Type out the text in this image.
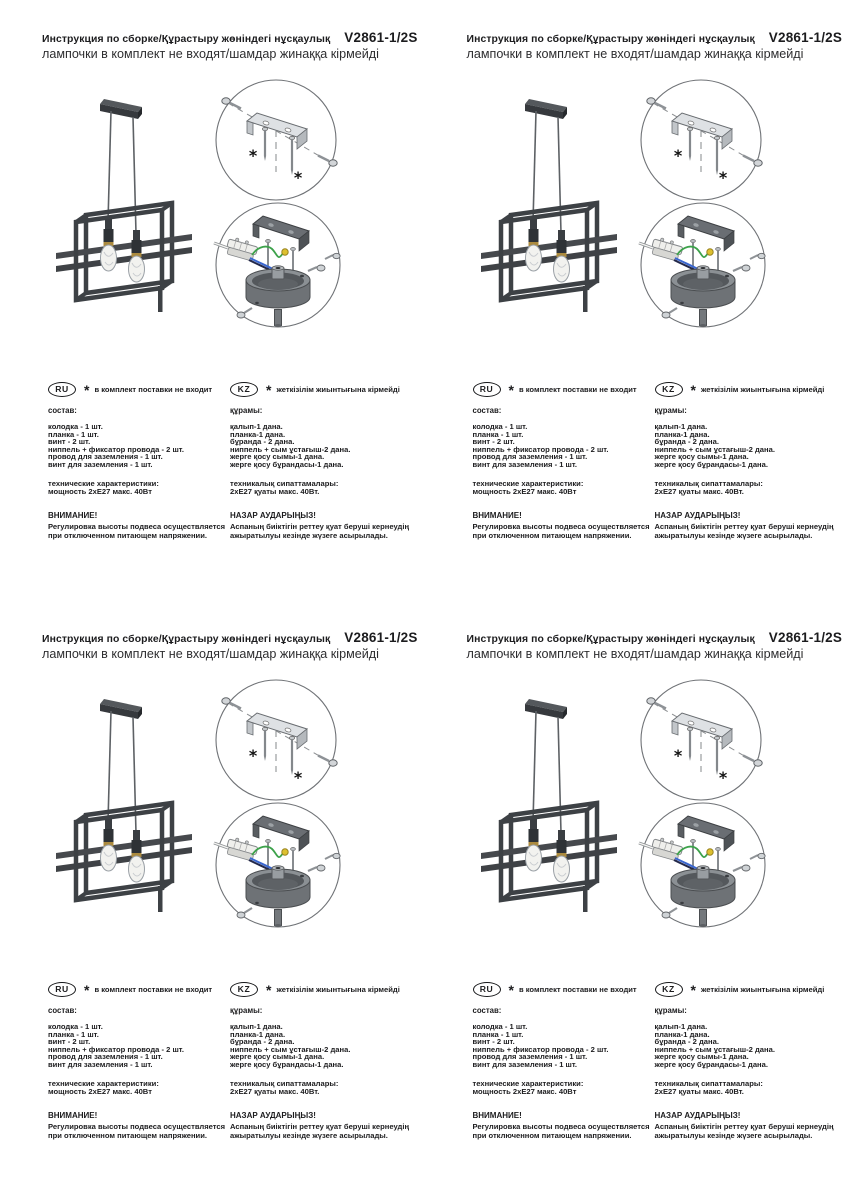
Инструкция по сборке/Құрастыру жөніндегі нұсқаулық V2861-1/2S
лампочки в комплект не входят/шамдар жинаққа кірмейді
*
*
RU	* в комплект поставки не входит
состав:
колодка - 1 шт.
планка - 1 шт.
винт - 2 шт.
ниппель + фиксатор провода - 2 шт.
провод для заземления - 1 шт.
винт для заземления - 1 шт.
технические характеристики:
мощность 2хЕ27 макс. 40Вт
ВНИМАНИЕ!
Регулировка высоты подвеса осуществляется при отключенном питающем напряжении.
KZ	* жеткізілім жиынтығына кірмейді
құрамы:
қалып-1 дана.
планка-1 дана.
бұранда - 2 дана.
ниппель + сым ұстағыш-2 дана.
жерге қосу сымы-1 дана.
жерге қосу бұрандасы-1 дана.
техникалық сипаттамалары:
2хЕ27 қуаты макс. 40Вт.
НАЗАР АУДАРЫҢЫЗ!
Аспаның биіктігін реттеу қуат беруші кернеудің ажыратылуы кезінде жүзеге асырылады.
Инструкция по сборке/Құрастыру жөніндегі нұсқаулық V2861-1/2S
лампочки в комплект не входят/шамдар жинаққа кірмейді
*
*
RU	* в комплект поставки не входит
состав:
колодка - 1 шт.
планка - 1 шт.
винт - 2 шт.
ниппель + фиксатор провода - 2 шт.
провод для заземления - 1 шт.
винт для заземления - 1 шт.
технические характеристики:
мощность 2хЕ27 макс. 40Вт
ВНИМАНИЕ!
Регулировка высоты подвеса осуществляется при отключенном питающем напряжении.
KZ	* жеткізілім жиынтығына кірмейді
құрамы:
қалып-1 дана.
планка-1 дана.
бұранда - 2 дана.
ниппель + сым ұстағыш-2 дана.
жерге қосу сымы-1 дана.
жерге қосу бұрандасы-1 дана.
техникалық сипаттамалары:
2хЕ27 қуаты макс. 40Вт.
НАЗАР АУДАРЫҢЫЗ!
Аспаның биіктігін реттеу қуат беруші кернеудің ажыратылуы кезінде жүзеге асырылады.
Инструкция по сборке/Құрастыру жөніндегі нұсқаулық V2861-1/2S
лампочки в комплект не входят/шамдар жинаққа кірмейді
*
*
RU	* в комплект поставки не входит
состав:
колодка - 1 шт.
планка - 1 шт.
винт - 2 шт.
ниппель + фиксатор провода - 2 шт.
провод для заземления - 1 шт.
винт для заземления - 1 шт.
технические характеристики:
мощность 2хЕ27 макс. 40Вт
ВНИМАНИЕ!
Регулировка высоты подвеса осуществляется при отключенном питающем напряжении.
KZ	* жеткізілім жиынтығына кірмейді
құрамы:
қалып-1 дана.
планка-1 дана.
бұранда - 2 дана.
ниппель + сым ұстағыш-2 дана.
жерге қосу сымы-1 дана.
жерге қосу бұрандасы-1 дана.
техникалық сипаттамалары:
2хЕ27 қуаты макс. 40Вт.
НАЗАР АУДАРЫҢЫЗ!
Аспаның биіктігін реттеу қуат беруші кернеудің ажыратылуы кезінде жүзеге асырылады.
Инструкция по сборке/Құрастыру жөніндегі нұсқаулық V2861-1/2S
лампочки в комплект не входят/шамдар жинаққа кірмейді
*
*
RU	* в комплект поставки не входит
состав:
колодка - 1 шт.
планка - 1 шт.
винт - 2 шт.
ниппель + фиксатор провода - 2 шт.
провод для заземления - 1 шт.
винт для заземления - 1 шт.
технические характеристики:
мощность 2хЕ27 макс. 40Вт
ВНИМАНИЕ!
Регулировка высоты подвеса осуществляется при отключенном питающем напряжении.
KZ	* жеткізілім жиынтығына кірмейді
құрамы:
қалып-1 дана.
планка-1 дана.
бұранда - 2 дана.
ниппель + сым ұстағыш-2 дана.
жерге қосу сымы-1 дана.
жерге қосу бұрандасы-1 дана.
техникалық сипаттамалары:
2хЕ27 қуаты макс. 40Вт.
НАЗАР АУДАРЫҢЫЗ!
Аспаның биіктігін реттеу қуат беруші кернеудің ажыратылуы кезінде жүзеге асырылады.
